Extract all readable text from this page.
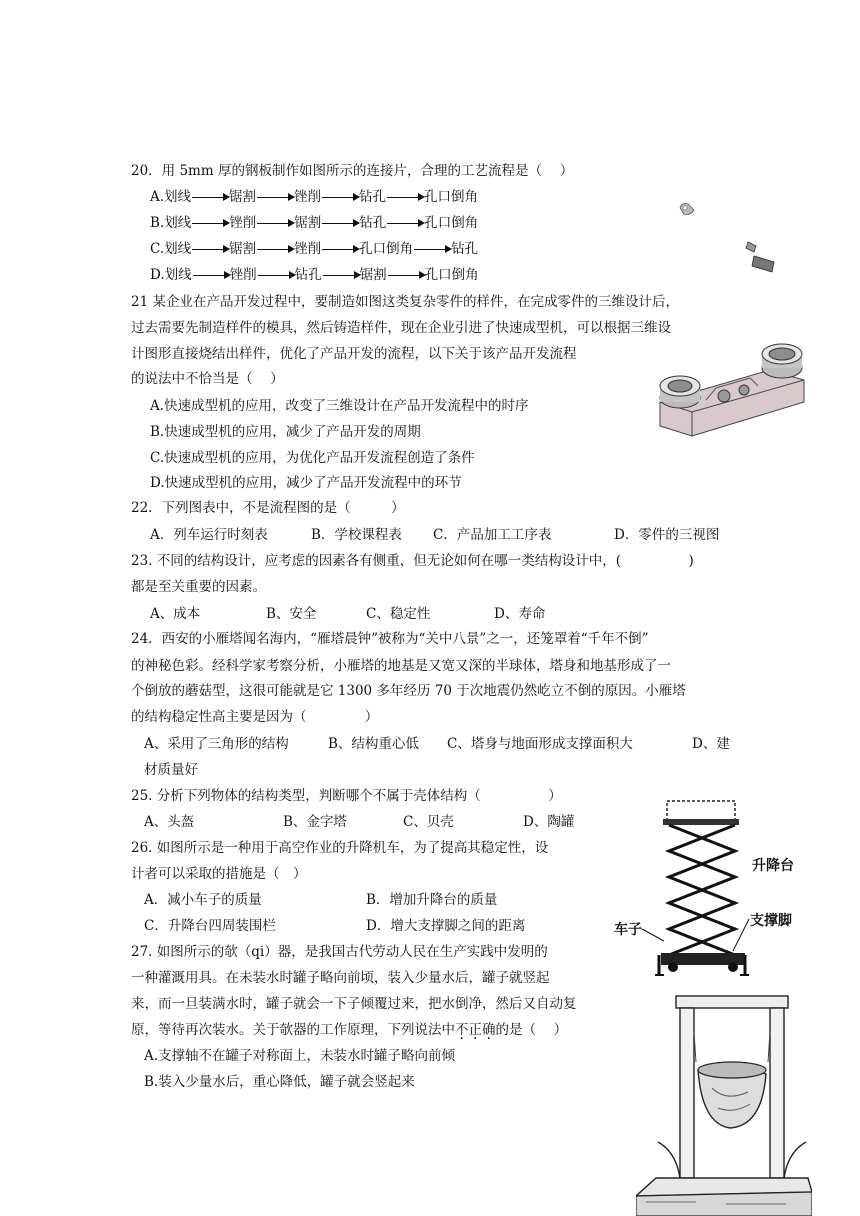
20．用 5mm 厚的钢板制作如图所示的连接片，合理的工艺流程是（　 ）
A. 划线	锯割	锉削	钻孔	孔口倒角
B. 划线	锉削	锯割	钻孔	孔口倒角
C. 划线	锯割	锉削	孔口倒角	钻孔
D. 划线	锉削	钻孔	锯割	孔口倒角
21 某企业在产品开发过程中，要制造如图这类复杂零件的样件，在完成零件的三维设计后，
过去需要先制造样件的模具，然后铸造样件，现在企业引进了快速成型机，可以根据三维设
计图形直接烧结出样件，优化了产品开发的流程，以下关于该产品开发流程
的说法中不恰当是（　 ）
A.快速成型机的应用，改变了三维设计在产品开发流程中的时序
B.快速成型机的应用，减少了产品开发的周期
C.快速成型机的应用，为优化产品开发流程创造了条件
D.快速成型机的应用，减少了产品开发流程中的环节
22．下列图表中，不是流程图的是（　　　）
A．列车运行时刻表	B．学校课程表 C．产品加工工序表	D．零件的三视图
23. 不同的结构设计，应考虑的因素各有侧重，但无论如何在哪一类结构设计中，(　　　　　)
都是至关重要的因素。
A、成本	B、安全	C、稳定性	D、寿命
24．西安的小雁塔闻名海内，“雁塔晨钟”被称为“关中八景”之一，还笼罩着“千年不倒”
的神秘色彩。经科学家考察分析，小雁塔的地基是又宽又深的半球体，塔身和地基形成了一
个倒放的蘑菇型，这很可能就是它 1300 多年经历 70 于次地震仍然屹立不倒的原因。小雁塔
的结构稳定性高主要是因为（　　　　 ）
A、采用了三角形的结构	B、结构重心低 C、塔身与地面形成支撑面积大	D、建
材质量好
25. 分析下列物体的结构类型，判断哪个不属于壳体结构（　　　　　）
A、头盔	B、金字塔	C、贝壳	D、陶罐
26. 如图所示是一种用于高空作业的升降机车，为了提高其稳定性，设
计者可以采取的措施是（　）
A．减小车子的质量	B．增加升降台的质量
C．升降台四周装围栏	D．增大支撑脚之间的距离
升降台
支撑脚
车子
27. 如图所示的欹（qi）器，是我国古代劳动人民在生产实践中发明的
一种灌溉用具。在未装水时罐子略向前顷，装入少量水后，罐子就竖起
来，而一旦装满水时，罐子就会一下子倾覆过来，把水倒净，然后又自动复
原，等待再次装水。关于欹器的工作原理，下列说法中不正确的是（　 ）
A.支撑轴不在罐子对称面上，未装水时罐子略向前倾
B.装入少量水后，重心降低，罐子就会竖起来
